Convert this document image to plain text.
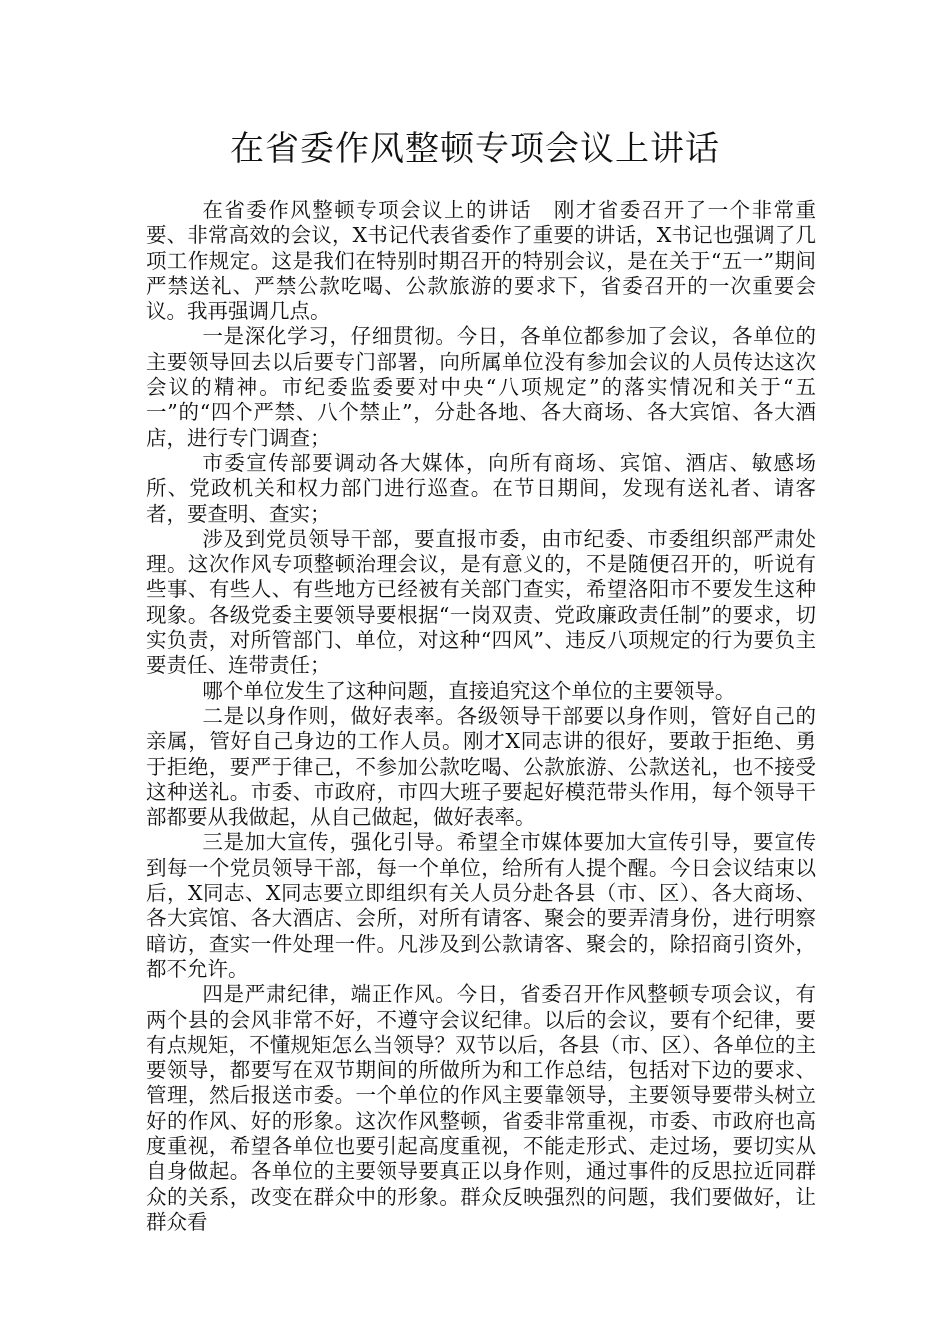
在省委作风整顿专项会议上讲话

在省委作风整顿专项会议上的讲话　刚才省委召开了一个非常重要、非常高效的会议，X书记代表省委作了重要的讲话，X书记也强调了几项工作规定。这是我们在特别时期召开的特别会议，是在关于“五一”期间严禁送礼、严禁公款吃喝、公款旅游的要求下，省委召开的一次重要会议。我再强调几点。

一是深化学习，仔细贯彻。今日，各单位都参加了会议，各单位的主要领导回去以后要专门部署，向所属单位没有参加会议的人员传达这次会议的精神。市纪委监委要对中央“八项规定”的落实情况和关于“五一”的“四个严禁、八个禁止”，分赴各地、各大商场、各大宾馆、各大酒店，进行专门调查；

市委宣传部要调动各大媒体，向所有商场、宾馆、酒店、敏感场所、党政机关和权力部门进行巡查。在节日期间，发现有送礼者、请客者，要查明、查实；

涉及到党员领导干部，要直报市委，由市纪委、市委组织部严肃处理。这次作风专项整顿治理会议，是有意义的，不是随便召开的，听说有些事、有些人、有些地方已经被有关部门查实，希望洛阳市不要发生这种现象。各级党委主要领导要根据“一岗双责、党政廉政责任制”的要求，切实负责，对所管部门、单位，对这种“四风”、违反八项规定的行为要负主要责任、连带责任；

哪个单位发生了这种问题，直接追究这个单位的主要领导。

二是以身作则，做好表率。各级领导干部要以身作则，管好自己的亲属，管好自己身边的工作人员。刚才X同志讲的很好，要敢于拒绝、勇于拒绝，要严于律己，不参加公款吃喝、公款旅游、公款送礼，也不接受这种送礼。市委、市政府，市四大班子要起好模范带头作用，每个领导干部都要从我做起，从自己做起，做好表率。

三是加大宣传，强化引导。希望全市媒体要加大宣传引导，要宣传到每一个党员领导干部，每一个单位，给所有人提个醒。今日会议结束以后，X同志、X同志要立即组织有关人员分赴各县（市、区）、各大商场、各大宾馆、各大酒店、会所，对所有请客、聚会的要弄清身份，进行明察暗访，查实一件处理一件。凡涉及到公款请客、聚会的，除招商引资外，都不允许。

四是严肃纪律，端正作风。今日，省委召开作风整顿专项会议，有两个县的会风非常不好，不遵守会议纪律。以后的会议，要有个纪律，要有点规矩，不懂规矩怎么当领导？双节以后，各县（市、区）、各单位的主要领导，都要写在双节期间的所做所为和工作总结，包括对下边的要求、管理，然后报送市委。一个单位的作风主要靠领导，主要领导要带头树立好的作风、好的形象。这次作风整顿，省委非常重视，市委、市政府也高度重视，希望各单位也要引起高度重视，不能走形式、走过场，要切实从自身做起。各单位的主要领导要真正以身作则，通过事件的反思拉近同群众的关系，改变在群众中的形象。群众反映强烈的问题，我们要做好，让群众看
